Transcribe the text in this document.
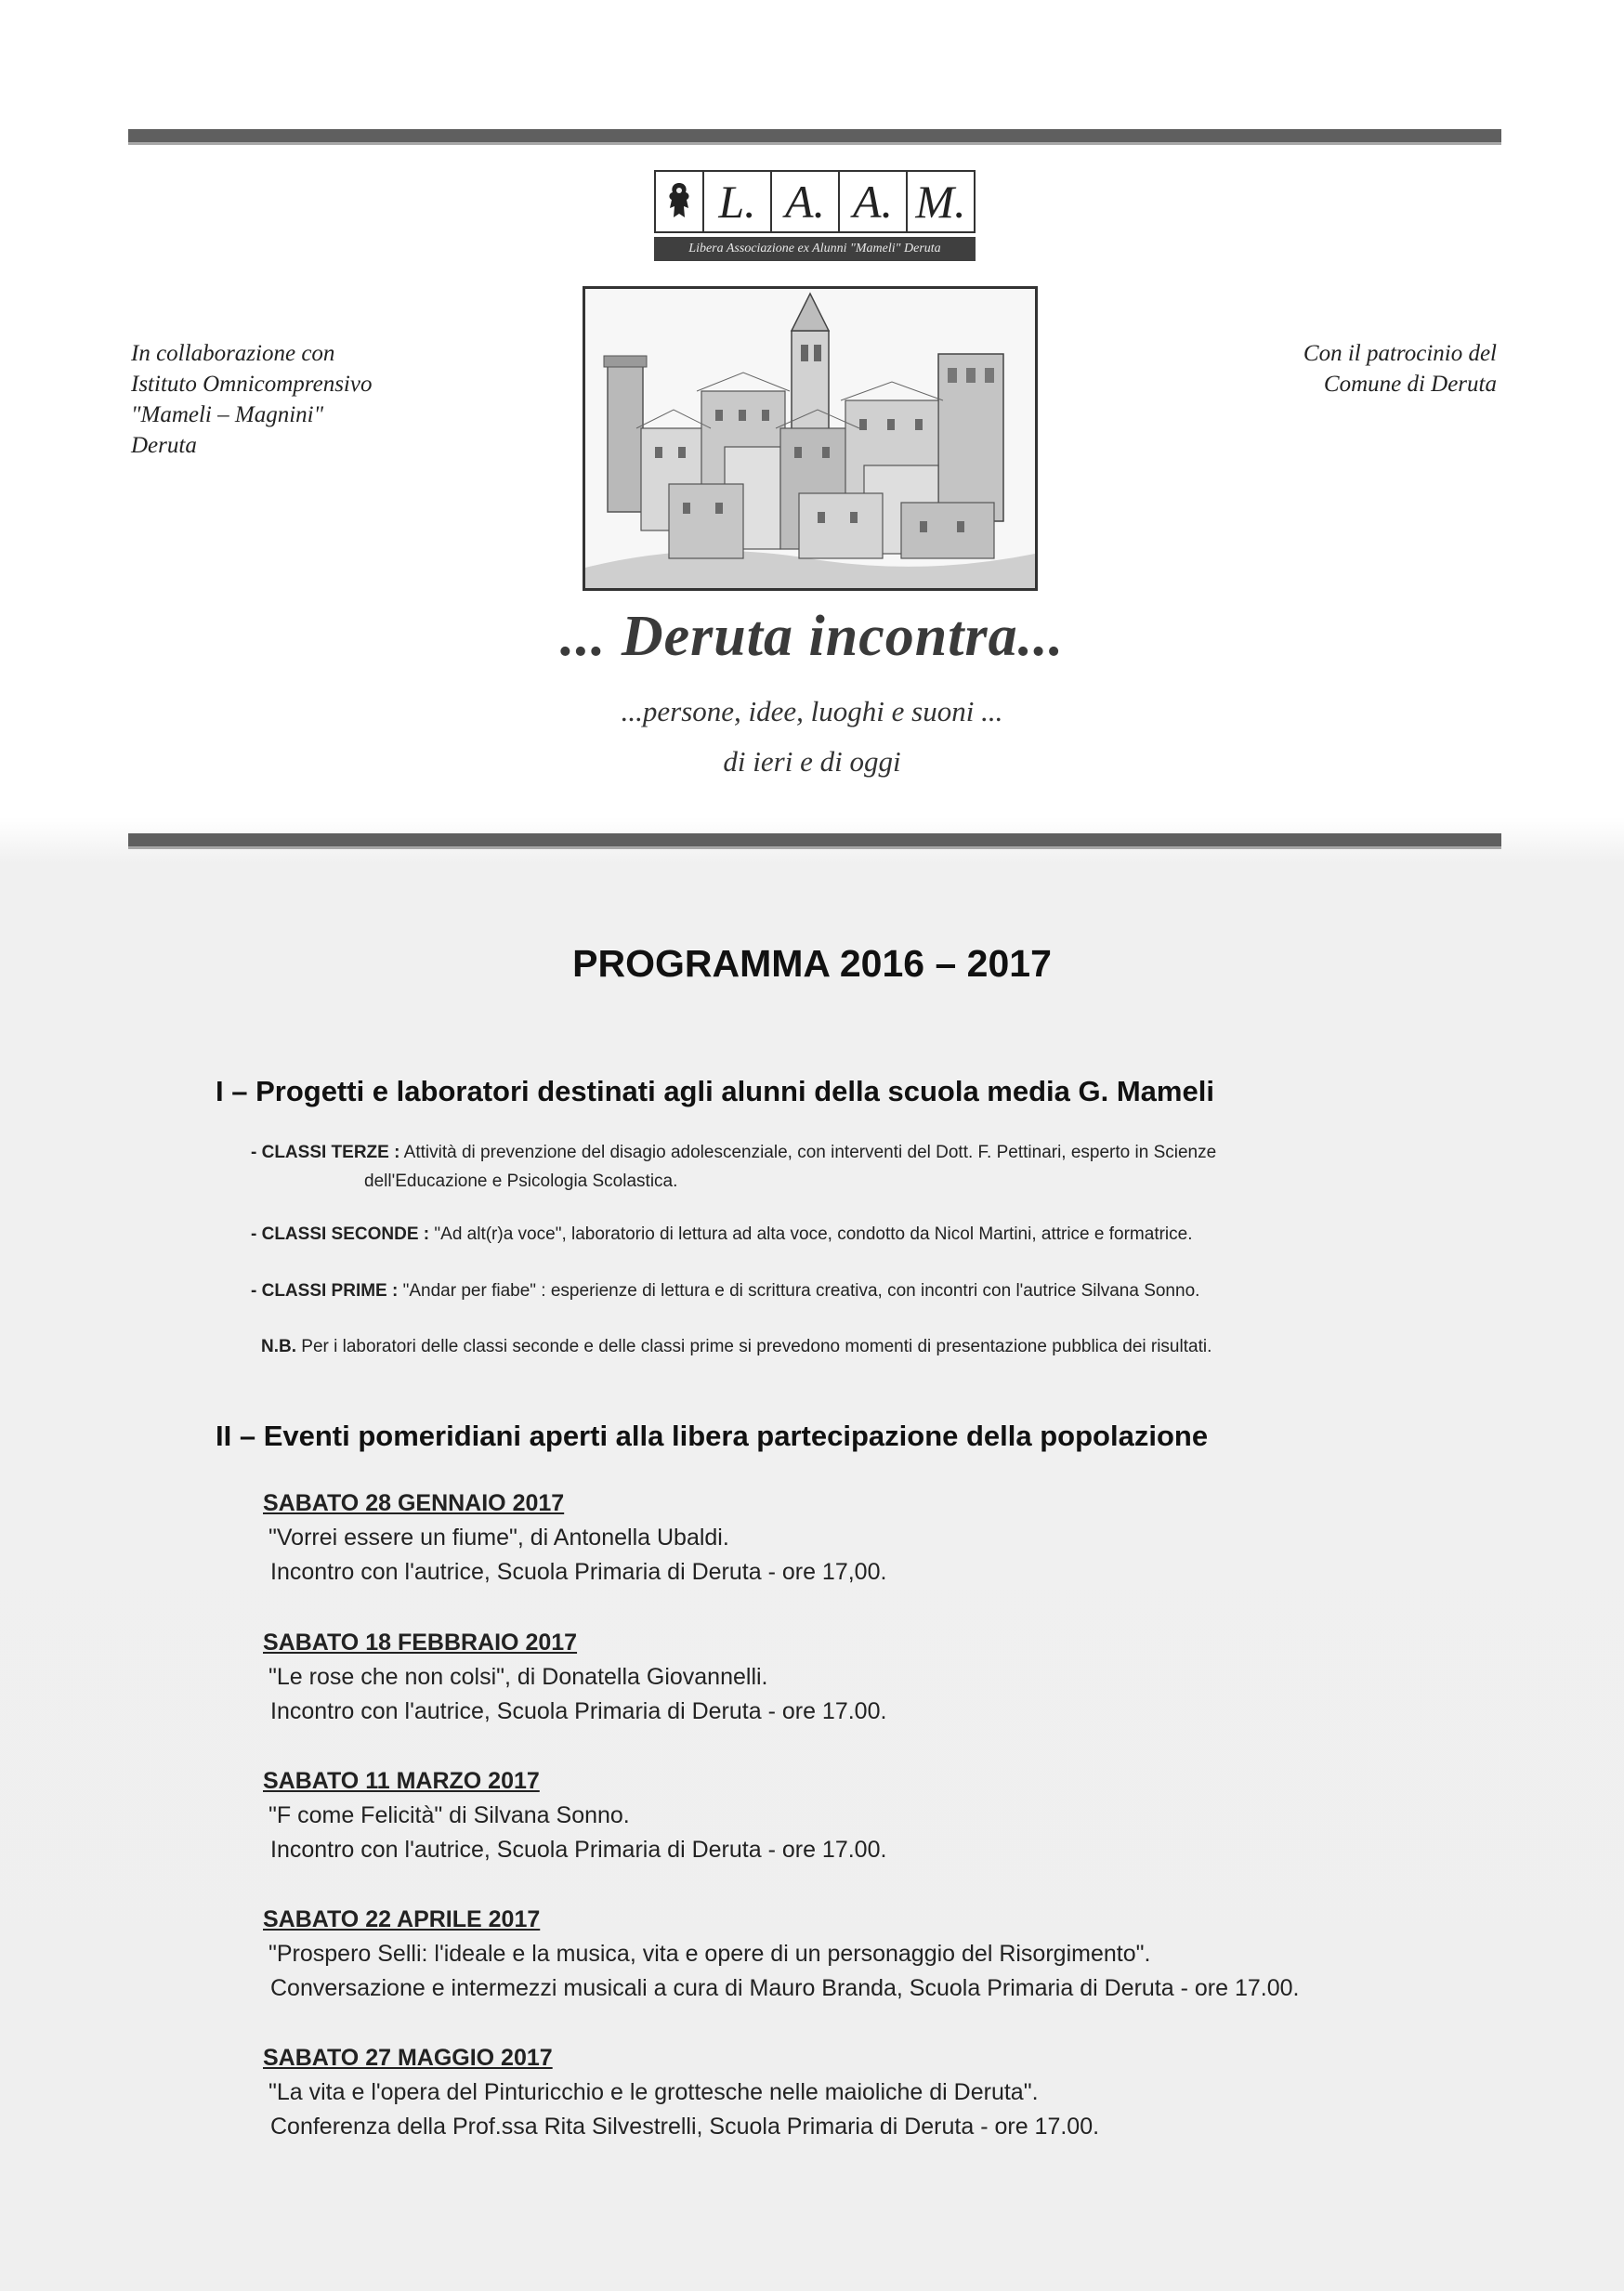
L. A. A. M.
Libera Associazione ex Alunni "Mameli" Deruta
In collaborazione con
Istituto Omnicomprensivo
"Mameli – Magnini"
Deruta
Con il patrocinio del
Comune di Deruta
... Deruta incontra...
...persone, idee, luoghi e suoni ...
di ieri e di oggi
PROGRAMMA 2016 – 2017
I – Progetti e laboratori destinati agli alunni della scuola media G. Mameli
- CLASSI TERZE : Attività di prevenzione del disagio adolescenziale, con interventi del Dott. F. Pettinari, esperto in Scienze
dell'Educazione e Psicologia Scolastica.
- CLASSI SECONDE : "Ad alt(r)a voce", laboratorio di lettura ad alta voce, condotto da Nicol Martini, attrice e formatrice.
- CLASSI PRIME : "Andar per fiabe" : esperienze di lettura e di scrittura creativa, con incontri con l'autrice Silvana Sonno.
N.B. Per i laboratori delle classi seconde e delle classi prime si prevedono momenti di presentazione pubblica dei risultati.
II – Eventi pomeridiani aperti alla libera partecipazione della popolazione
SABATO 28 GENNAIO 2017
"Vorrei essere un fiume", di Antonella Ubaldi.
Incontro con l'autrice, Scuola Primaria di Deruta - ore 17,00.
SABATO 18 FEBBRAIO 2017
"Le rose che non colsi", di Donatella Giovannelli.
Incontro con l'autrice, Scuola Primaria di Deruta - ore 17.00.
SABATO 11 MARZO 2017
"F come Felicità" di Silvana Sonno.
Incontro con l'autrice, Scuola Primaria di Deruta - ore 17.00.
SABATO 22 APRILE 2017
"Prospero Selli: l'ideale e la musica, vita e opere di un personaggio del Risorgimento".
Conversazione e intermezzi musicali a cura di Mauro Branda, Scuola Primaria di Deruta - ore 17.00.
SABATO 27 MAGGIO 2017
"La vita e l'opera del Pinturicchio e le grottesche nelle maioliche di Deruta".
Conferenza della Prof.ssa Rita Silvestrelli, Scuola Primaria di Deruta - ore 17.00.
